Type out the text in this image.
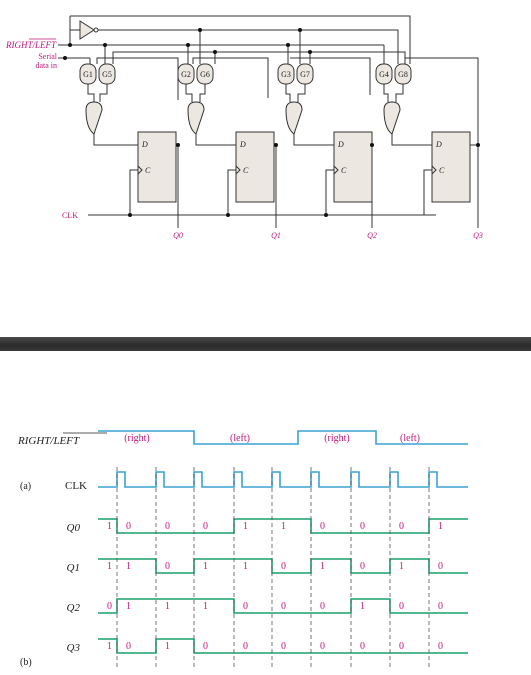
RIGHT/LEFT
Serial
data in
CLK
G1 G5	G2 G6	G3 G7	G4 G8
D
C
D
C
D
C
D
C
Q0	Q1	Q2	Q3
RIGHT/LEFT
(a)	CLK
(b)
Q0
Q1
Q2
Q3
(right)	(left)	(right)	(left)
1 0	0	0	1	1	0	0	0	1
1 1	0	1	1	0	1	0	1	0
0 1	1	1	0	0	0	1	0	0
1 0	1	0	0	0	0	0	0	0
